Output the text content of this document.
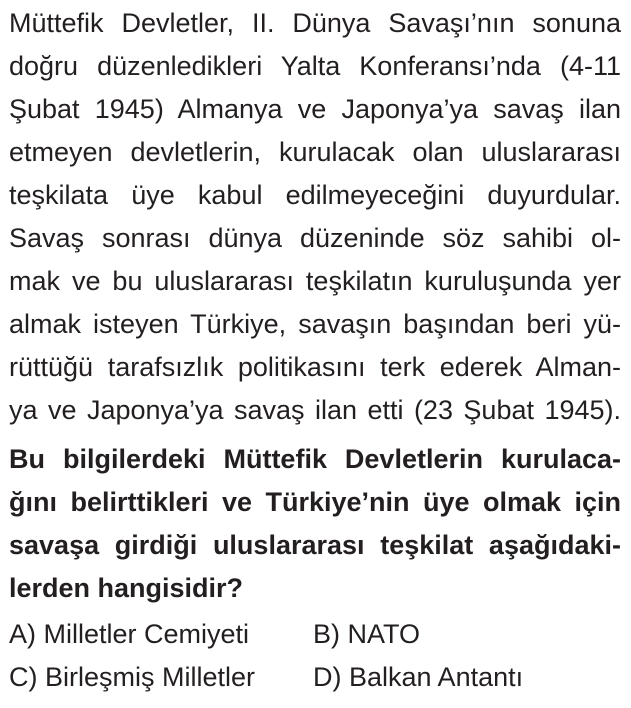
Müttefik Devletler, II. Dünya Savaşı’nın sonuna
doğru düzenledikleri Yalta Konferansı’nda (4-11
Şubat 1945) Almanya ve Japonya’ya savaş ilan
etmeyen devletlerin, kurulacak olan uluslararası
teşkilata üye kabul edilmeyeceğini duyurdular.
Savaş sonrası dünya düzeninde söz sahibi ol-
mak ve bu uluslararası teşkilatın kuruluşunda yer
almak isteyen Türkiye, savaşın başından beri yü-
rüttüğü tarafsızlık politikasını terk ederek Alman-
ya ve Japonya’ya savaş ilan etti (23 Şubat 1945).
Bu bilgilerdeki Müttefik Devletlerin kurulaca-
ğını belirttikleri ve Türkiye’nin üye olmak için
savaşa girdiği uluslararası teşkilat aşağıdaki-
lerden hangisidir?
A) Milletler Cemiyeti B) NATO
C) Birleşmiş Milletler D) Balkan Antantı
